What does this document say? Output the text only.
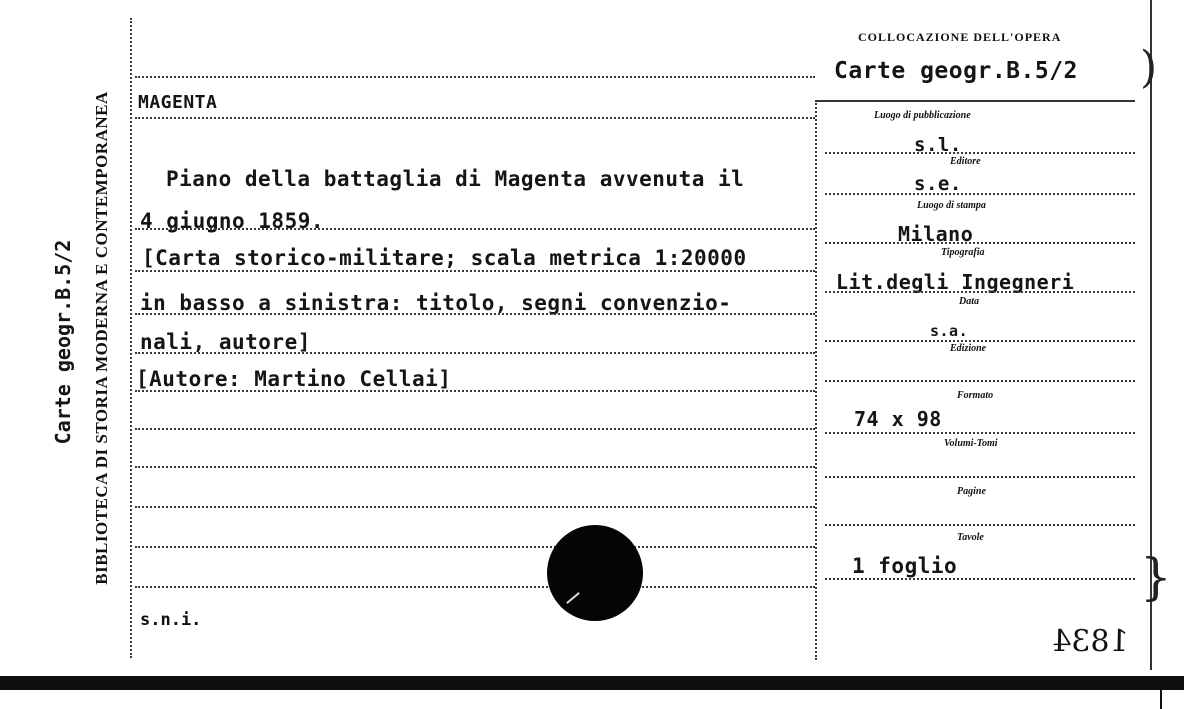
BIBLIOTECA DI STORIA MODERNA E CONTEMPORANEA
Carte geogr.B.5/2
COLLOCAZIONE DELL'OPERA
Carte geogr.B.5/2 )
MAGENTA
Piano della battaglia di Magenta avvenuta il
4 giugno 1859.
[Carta storico-militare; scala metrica 1:20000
in basso a sinistra: titolo, segni convenzio-
nali, autore]
[Autore: Martino Cellai]
s.n.i.
Luogo di pubblicazione
s.l.
Editore
s.e.
Luogo di stampa
Milano
Tipografia
Lit.degli Ingegneri
Data
s.a.
Edizione
Formato
74 x 98
Volumi-Tomi
Pagine
Tavole
1 foglio	}
1834
